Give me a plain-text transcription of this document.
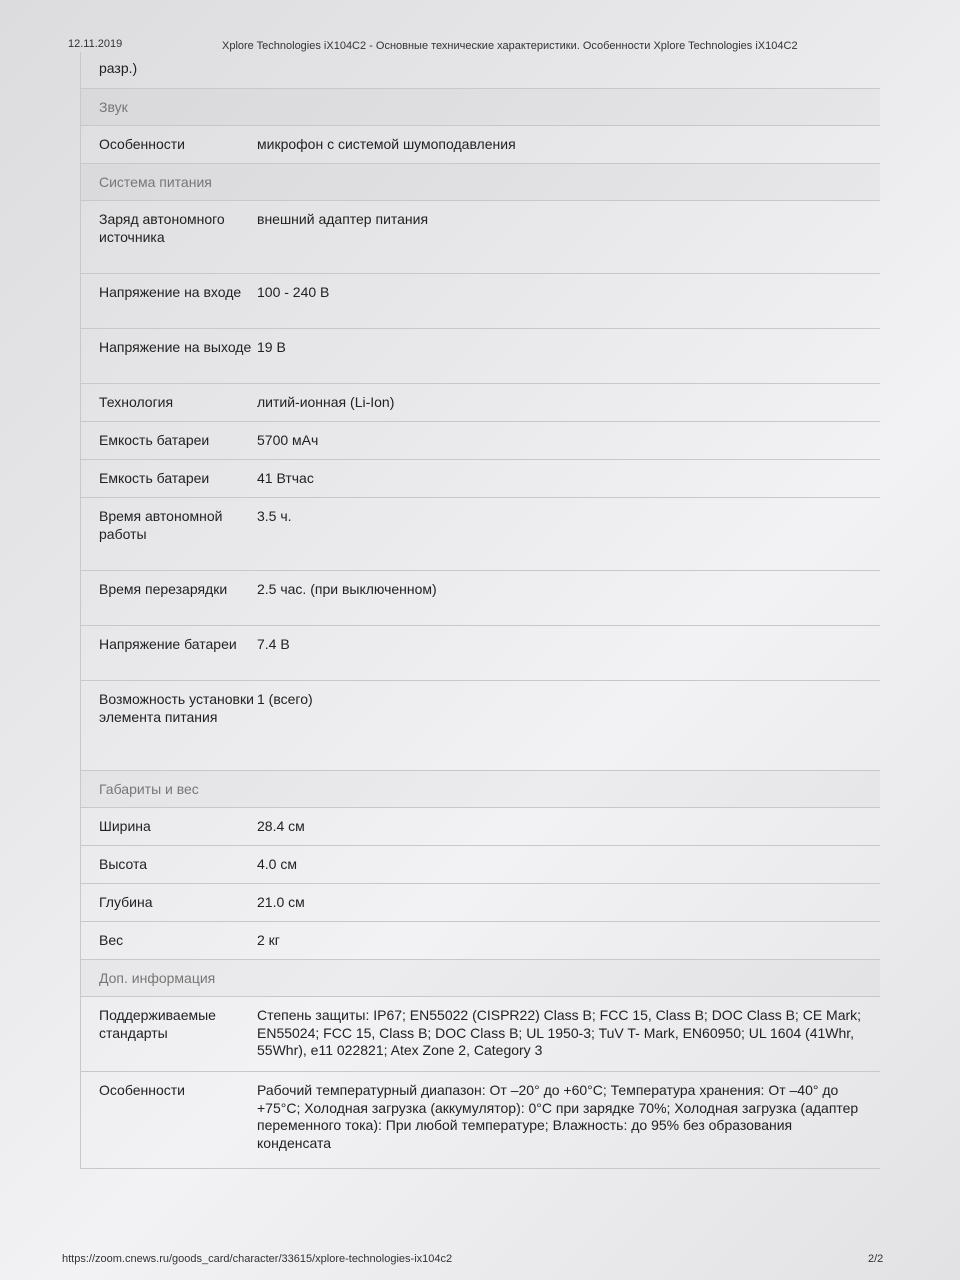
12.11.2019	Xplore Technologies iX104C2 - Основные технические характеристики. Особенности Xplore Technologies iX104C2
разр.)	

Звук	

Особенности	микрофон с системой шумоподавления

Система питания	

Заряд автономного источника	внешний адаптер питания

Напряжение на входе	100 - 240 В

Напряжение на выходе	19 В

Технология	литий-ионная (Li-Ion)

Емкость батареи	5700 мАч

Емкость батареи	41 Втчас

Время автономной работы	3.5 ч.

Время перезарядки	2.5 час. (при выключенном)

Напряжение батареи	7.4 В

Возможность установки элемента питания	1 (всего)

Габариты и вес	

Ширина	28.4 см

Высота	4.0 см

Глубина	21.0 см

Вес	2 кг

Доп. информация	

Поддерживаемые стандарты	Степень защиты: IP67; EN55022 (CISPR22) Class B; FCC 15, Class B; DOC Class B; CE Mark; EN55024; FCC 15, Class B; DOC Class B; UL 1950-3; TuV T- Mark, EN60950; UL 1604 (41Whr, 55Whr), e11 022821; Atex Zone 2, Category 3

Особенности	Рабочий температурный диапазон: От –20° до +60°C; Температура хранения: От –40° до +75°C; Холодная загрузка (аккумулятор): 0°C при зарядке 70%; Холодная загрузка (адаптер переменного тока): При любой температуре; Влажность: до 95% без образования конденсата
https://zoom.cnews.ru/goods_card/character/33615/xplore-technologies-ix104c2	2/2
